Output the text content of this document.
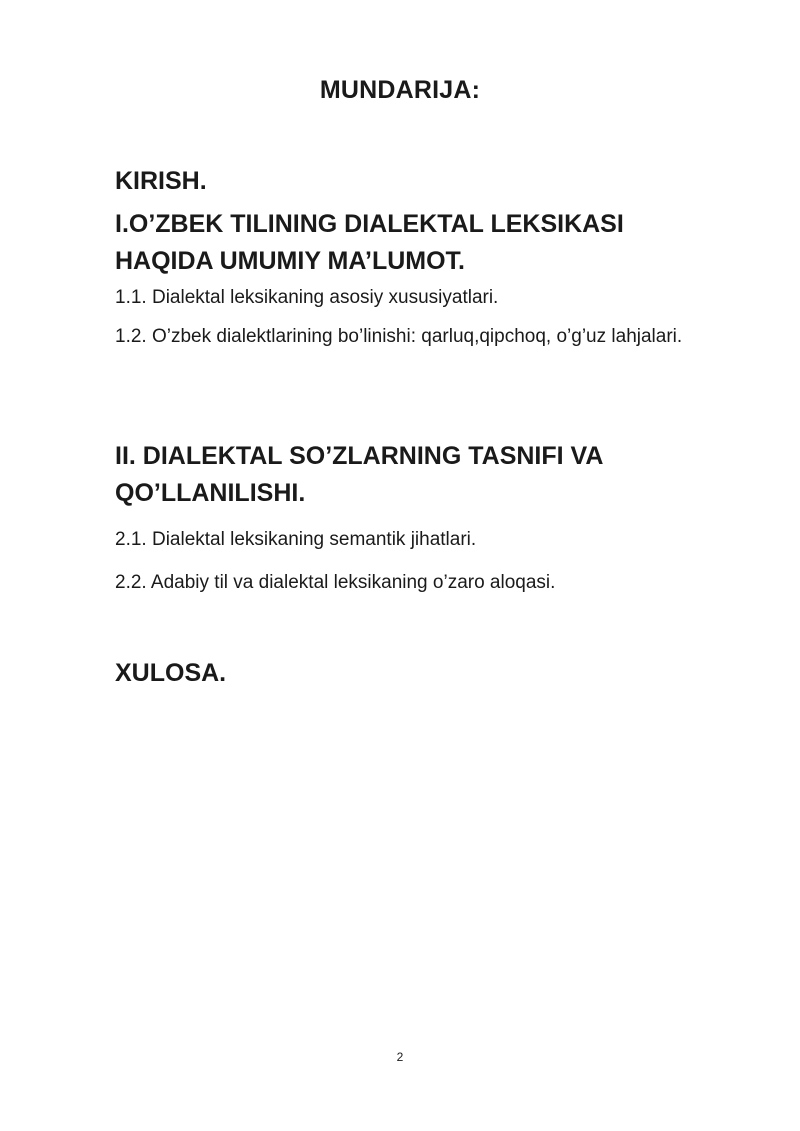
MUNDARIJA:
KIRISH.
I.O’ZBEK TILINING DIALEKTAL LEKSIKASI HAQIDA UMUMIY MA’LUMOT.

1.1. Dialektal leksikaning asosiy xususiyatlari.

1.2. O’zbek dialektlarining bo’linishi: qarluq,qipchoq, o’g’uz lahjalari.

II. DIALEKTAL SO’ZLARNING TASNIFI VA QO’LLANILISHI.

2.1. Dialektal leksikaning semantik jihatlari.

2.2. Adabiy til va dialektal leksikaning o’zaro aloqasi.

XULOSA.

2
